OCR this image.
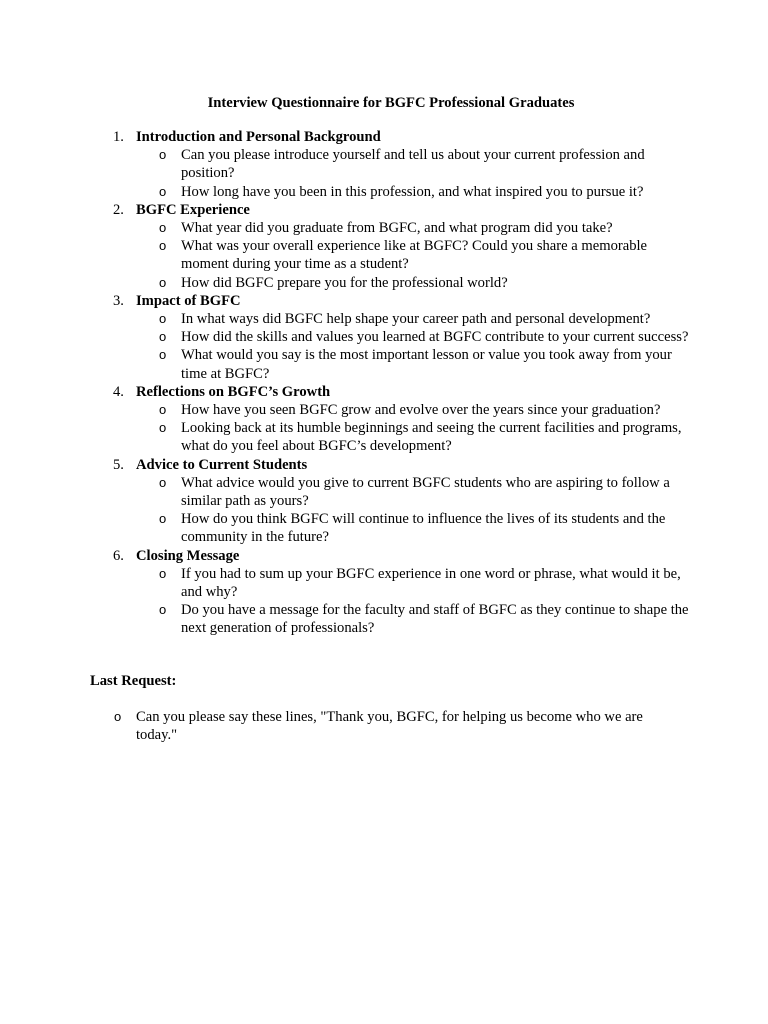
Interview Questionnaire for BGFC Professional Graduates
1. Introduction and Personal Background
o Can you please introduce yourself and tell us about your current profession and position?
o How long have you been in this profession, and what inspired you to pursue it?
2. BGFC Experience
o What year did you graduate from BGFC, and what program did you take?
o What was your overall experience like at BGFC? Could you share a memorable moment during your time as a student?
o How did BGFC prepare you for the professional world?
3. Impact of BGFC
o In what ways did BGFC help shape your career path and personal development?
o How did the skills and values you learned at BGFC contribute to your current success?
o What would you say is the most important lesson or value you took away from your time at BGFC?
4. Reflections on BGFC’s Growth
o How have you seen BGFC grow and evolve over the years since your graduation?
o Looking back at its humble beginnings and seeing the current facilities and programs, what do you feel about BGFC’s development?
5. Advice to Current Students
o What advice would you give to current BGFC students who are aspiring to follow a similar path as yours?
o How do you think BGFC will continue to influence the lives of its students and the community in the future?
6. Closing Message
o If you had to sum up your BGFC experience in one word or phrase, what would it be, and why?
o Do you have a message for the faculty and staff of BGFC as they continue to shape the next generation of professionals?
Last Request:
o Can you please say these lines, "Thank you, BGFC, for helping us become who we are today."
